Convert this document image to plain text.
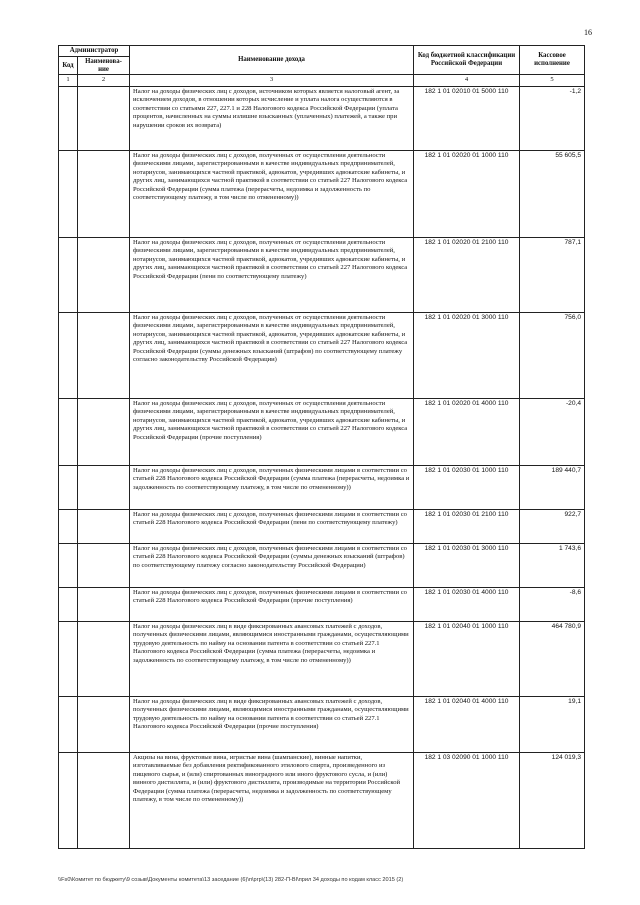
16
Администратор		Наименование дохода	Код бюджетной классификации Российской Федерации	Кассовое исполнение
Код	Наименова-ние			
1	2	3	4	5
		Налог на доходы физических лиц с доходов, источником которых является налоговый агент, за исключением доходов, в отношении которых исчисление и уплата налога осуществляются в соответствии со статьями 227, 227.1 и 228 Налогового кодекса Российской Федерации (уплата процентов, начисленных на суммы излишне взысканных (уплаченных) платежей, а также при нарушении сроков их возврата)	182 1 01 02010 01 5000 110	-1,2
		Налог на доходы физических лиц с доходов, полученных от осуществления деятельности физическими лицами, зарегистрированными в качестве индивидуальных предпринимателей, нотариусов, занимающихся частной практикой, адвокатов, учредивших адвокатские кабинеты, и других лиц, занимающихся частной практикой в соответствии со статьей 227 Налогового кодекса Российской Федерации (сумма платежа (перерасчеты, недоимка и задолженность по соответствующему платежу, в том числе по отмененному))	182 1 01 02020 01 1000 110	55 605,5
		Налог на доходы физических лиц с доходов, полученных от осуществления деятельности физическими лицами, зарегистрированными в качестве индивидуальных предпринимателей, нотариусов, занимающихся частной практикой, адвокатов, учредивших адвокатские кабинеты, и других лиц, занимающихся частной практикой в соответствии со статьей 227 Налогового кодекса Российской Федерации (пени по соответствующему платежу)	182 1 01 02020 01 2100 110	787,1
		Налог на доходы физических лиц с доходов, полученных от осуществления деятельности физическими лицами, зарегистрированными в качестве индивидуальных предпринимателей, нотариусов, занимающихся частной практикой, адвокатов, учредивших адвокатские кабинеты, и других лиц, занимающихся частной практикой в соответствии со статьей 227 Налогового кодекса Российской Федерации (суммы денежных взысканий (штрафов) по соответствующему платежу согласно законодательству Российской Федерации)	182 1 01 02020 01 3000 110	756,0
		Налог на доходы физических лиц с доходов, полученных от осуществления деятельности физическими лицами, зарегистрированными в качестве индивидуальных предпринимателей, нотариусов, занимающихся частной практикой, адвокатов, учредивших адвокатские кабинеты, и других лиц, занимающихся частной практикой в соответствии со статьей 227 Налогового кодекса Российской Федерации (прочие поступления)	182 1 01 02020 01 4000 110	-20,4
		Налог на доходы физических лиц с доходов, полученных физическими лицами в соответствии со статьей 228 Налогового кодекса Российской Федерации (сумма платежа (перерасчеты, недоимка и задолженность по соответствующему платежу, в том числе по отмененному))	182 1 01 02030 01 1000 110	189 440,7
		Налог на доходы физических лиц с доходов, полученных физическими лицами в соответствии со статьей 228 Налогового кодекса Российской Федерации (пени по соответствующему платежу)	182 1 01 02030 01 2100 110	922,7
		Налог на доходы физических лиц с доходов, полученных физическими лицами в соответствии со статьей 228 Налогового кодекса Российской Федерации (суммы денежных взысканий (штрафов) по соответствующему платежу согласно законодательству Российской Федерации)	182 1 01 02030 01 3000 110	1 743,6
		Налог на доходы физических лиц с доходов, полученных физическими лицами в соответствии со статьей 228 Налогового кодекса Российской Федерации (прочие поступления)	182 1 01 02030 01 4000 110	-8,6
		Налог на доходы физических лиц в виде фиксированных авансовых платежей с доходов, полученных физическими лицами, являющимися иностранными гражданами, осуществляющими трудовую деятельность по найму на основании патента в соответствии со статьей 227.1 Налогового кодекса Российской Федерации (сумма платежа (перерасчеты, недоимка и задолженность по соответствующему платежу, в том числе по отмененному))	182 1 01 02040 01 1000 110	464 780,9
		Налог на доходы физических лиц в виде фиксированных авансовых платежей с доходов, полученных физическими лицами, являющимися иностранными гражданами, осуществляющими трудовую деятельность по найму на основании патента в соответствии со статьей 227.1 Налогового кодекса Российской Федерации (прочие поступления)	182 1 01 02040 01 4000 110	19,1
		Акцизы на вина, фруктовые вина, игристые вина (шампанские), винные напитки, изготавливаемые без добавления ректификованного этилового спирта, произведенного из пищевого сырья, и (или) спиртованных виноградного или иного фруктового сусла, и (или) винного дистиллята, и (или) фруктового дистиллята, производимые на территории Российской Федерации (сумма платежа (перерасчеты, недоимка и задолженность по соответствующему платежу, в том числе по отмененному))	182 1 03 02090 01 1000 110	124 019,3
\\Fs0\Комитет по бюджету\9 созыв\Документы комитета\13 заседание (6)\п\ргр\(13) 282-П-ВI\прил 34 доходы по кодам класс 2015 (2)
